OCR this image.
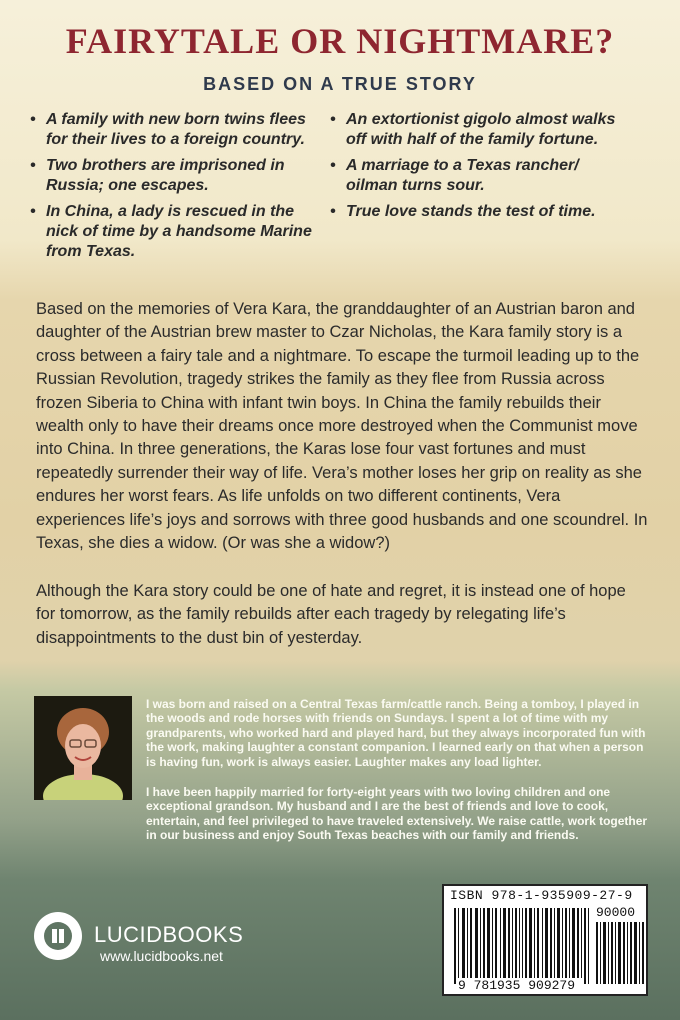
FAIRYTALE OR NIGHTMARE?
BASED ON A TRUE STORY
• A family with new born twins flees for their lives to a foreign country.
• Two brothers are imprisoned in Russia; one escapes.
• In China, a lady is rescued in the nick of time by a handsome Marine from Texas.
• An extortionist gigolo almost walks off with half of the family fortune.
• A marriage to a Texas rancher/ oilman turns sour.
• True love stands the test of time.

Based on the memories of Vera Kara, the granddaughter of an Austrian baron and daughter of the Austrian brew master to Czar Nicholas, the Kara family story is a cross between a fairy tale and a nightmare. To escape the turmoil leading up to the Russian Revolution, tragedy strikes the family as they flee from Russia across frozen Siberia to China with infant twin boys. In China the family rebuilds their wealth only to have their dreams once more destroyed when the Communist move into China. In three generations, the Karas lose four vast fortunes and must repeatedly surrender their way of life. Vera’s mother loses her grip on reality as she endures her worst fears. As life unfolds on two different continents, Vera experiences life’s joys and sorrows with three good husbands and one scoundrel. In Texas, she dies a widow. (Or was she a widow?)

Although the Kara story could be one of hate and regret, it is instead one of hope for tomorrow, as the family rebuilds after each tragedy by relegating life’s disappointments to the dust bin of yesterday.

I was born and raised on a Central Texas farm/cattle ranch. Being a tomboy, I played in the woods and rode horses with friends on Sundays. I spent a lot of time with my grandparents, who worked hard and played hard, but they always incorporated fun with the work, making laughter a constant companion. I learned early on that when a person is having fun, work is always easier. Laughter makes any load lighter.

I have been happily married for forty-eight years with two loving children and one exceptional grandson. My husband and I are the best of friends and love to cook, entertain, and feel privileged to have traveled extensively. We raise cattle, work together in our business and enjoy South Texas beaches with our family and friends.

LUCIDBOOKS
www.lucidbooks.net
ISBN 978-1-935909-27-9
90000
9 781935 909279
